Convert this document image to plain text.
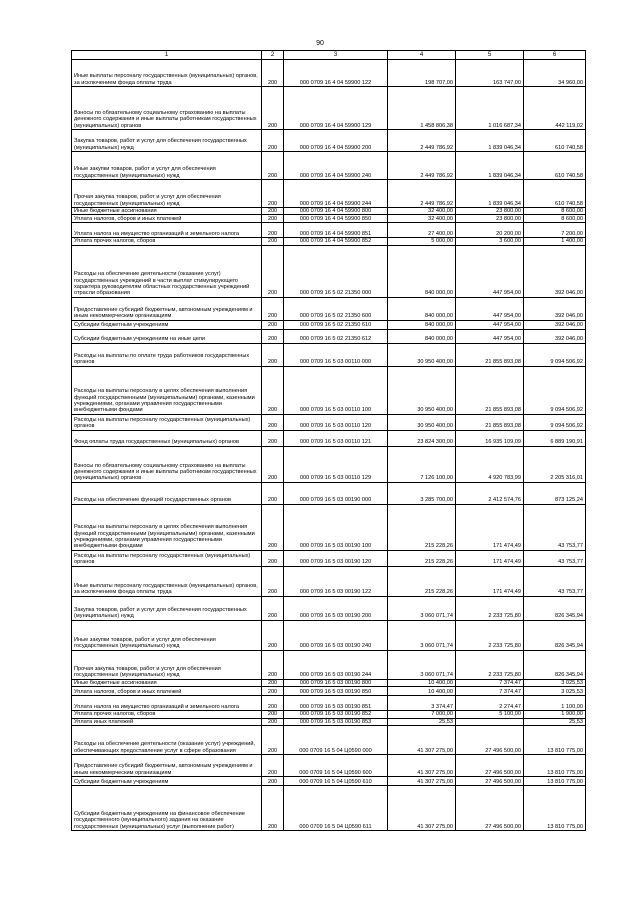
90
1	2	3	4	5	6
Иные выплаты персоналу государственных (муниципальных) органов, за исключением фонда оплаты труда	200	000 0709 16 4 04 59900 122	198 707,00	163 747,00	34 960,00
Взносы по обязательному социальному страхованию на выплаты денежного содержания и иные выплаты работникам государственных (муниципальных) органов	200	000 0709 16 4 04 59900 129	1 458 806,38	1 016 687,34	442 119,02
Закупка товаров, работ и услуг для обеспечения государственных (муниципальных) нужд	200	000 0709 16 4 04 59900 200	2 449 786,92	1 839 046,34	610 740,58
Иные закупки товаров, работ и услуг для обеспечения государственных (муниципальных) нужд	200	000 0709 16 4 04 59900 240	2 449 786,92	1 839 046,34	610 740,58
Прочая закупка товаров, работ и услуг для обеспечения государственных (муниципальных) нужд	200	000 0709 16 4 04 59900 244	2 449 786,92	1 839 046,34	610 740,58
Иные бюджетные ассигнования	200	000 0709 16 4 04 59900 800	32 400,00	23 800,00	8 600,00
Уплата налогов, сборов и иных платежей	200	000 0709 16 4 04 59900 850	32 400,00	23 800,00	8 600,00
Уплата налога на имущество организаций и земельного налога	200	000 0709 16 4 04 59900 851	27 400,00	20 200,00	7 200,00
Уплата прочих налогов, сборов	200	000 0709 16 4 04 59900 852	5 000,00	3 600,00	1 400,00
Расходы на обеспечение деятельности (оказание услуг) государственных учреждений в части выплат стимулирующего характера руководителям областных государственных учреждений отрасли образования	200	000 0709 16 5 02 21350 000	840 000,00	447 954,00	392 046,00
Предоставление субсидий бюджетным, автономным учреждениям и иным некоммерческим организациям	200	000 0709 16 5 02 21350 600	840 000,00	447 954,00	392 046,00
Субсидии бюджетным учреждениям	200	000 0709 16 5 02 21350 610	840 000,00	447 954,00	392 046,00
Субсидии бюджетным учреждениям на иные цели	200	000 0709 16 5 02 21350 612	840 000,00	447 954,00	392 046,00
Расходы на выплаты по оплате труда работников государственных органов	200	000 0709 16 5 03 00110 000	30 950 400,00	21 855 893,08	9 094 506,92
Расходы на выплаты персоналу в целях обеспечения выполнения функций государственными (муниципальными) органами, казенными учреждениями, органами управления государственными внебюджетными фондами	200	000 0709 16 5 03 00110 100	30 950 400,00	21 855 893,08	9 094 506,92
Расходы на выплаты персоналу государственных (муниципальных) органов	200	000 0709 16 5 03 00110 120	30 950 400,00	21 855 893,08	9 094 506,92
Фонд оплаты труда государственных (муниципальных) органов	200	000 0709 16 5 03 00110 121	23 824 300,00	16 935 109,09	6 889 190,91
Взносы по обязательному социальному страхованию на выплаты денежного содержания и иные выплаты работникам государственных (муниципальных) органов	200	000 0709 16 5 03 00110 129	7 126 100,00	4 920 783,99	2 205 316,01
Расходы на обеспечение функций государственных органов	200	000 0709 16 5 03 00190 000	3 285 700,00	2 412 574,76	873 125,24
Расходы на выплаты персоналу в целях обеспечения выполнения функций государственными (муниципальными) органами, казенными учреждениями, органами управления государственными внебюджетными фондами	200	000 0709 16 5 03 00190 100	215 228,26	171 474,49	43 753,77
Расходы на выплаты персоналу государственных (муниципальных) органов	200	000 0709 16 5 03 00190 120	215 228,26	171 474,49	43 753,77
Иные выплаты персоналу государственных (муниципальных) органов, за исключением фонда оплаты труда	200	000 0709 16 5 03 00190 122	215 228,26	171 474,49	43 753,77
Закупка товаров, работ и услуг для обеспечения государственных (муниципальных) нужд	200	000 0709 16 5 03 00190 200	3 060 071,74	2 233 725,80	826 345,94
Иные закупки товаров, работ и услуг для обеспечения государственных (муниципальных) нужд	200	000 0709 16 5 03 00190 240	3 060 071,74	2 233 725,80	826 345,94
Прочая закупка товаров, работ и услуг для обеспечения государственных (муниципальных) нужд	200	000 0709 16 5 03 00190 244	3 060 071,74	2 233 725,80	826 345,94
Иные бюджетные ассигнования	200	000 0709 16 5 03 00190 800	10 400,00	7 374,47	3 025,53
Уплата налогов, сборов и иных платежей	200	000 0709 16 5 03 00190 850	10 400,00	7 374,47	3 025,53
Уплата налога на имущество организаций и земельного налога	200	000 0709 16 5 03 00190 851	3 374,47	2 274,47	1 100,00
Уплата прочих налогов, сборов	200	000 0709 16 5 03 00190 852	7 000,00	5 100,00	1 900,00
Уплата иных платежей	200	000 0709 16 5 03 00190 853	25,53		25,53
Расходы на обеспечение деятельности (оказание услуг) учреждений, обеспечивающих предоставление услуг в сфере образования	200	000 0709 16 5 04 Ц0590 000	41 307 275,00	27 496 500,00	13 810 775,00
Предоставление субсидий бюджетным, автономным учреждениям и иным некоммерческим организациям	200	000 0709 16 5 04 Ц0590 600	41 307 275,00	27 496 500,00	13 810 775,00
Субсидии бюджетным учреждениям	200	000 0709 16 5 04 Ц0590 610	41 307 275,00	27 496 500,00	13 810 775,00
Субсидии бюджетным учреждениям на финансовое обеспечение государственного (муниципального) задания на оказание государственных (муниципальных) услуг (выполнение работ)	200	000 0709 16 5 04 Ц0590 611	41 307 275,00	27 496 500,00	13 810 775,00
